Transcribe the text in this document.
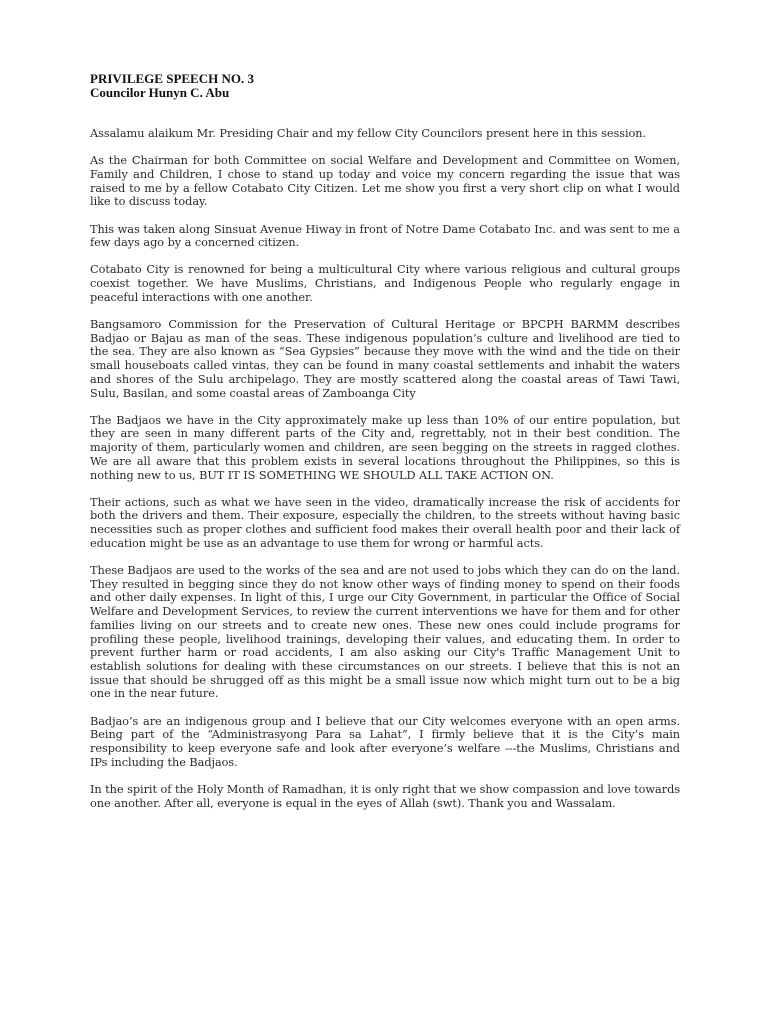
PRIVILEGE SPEECH NO. 3

Councilor Hunyn C. Abu

Assalamu alaikum Mr. Presiding Chair and my fellow City Councilors present here in this session.

As the Chairman for both Committee on social Welfare and Development and Committee on Women, Family and Children, I chose to stand up today and voice my concern regarding the issue that was raised to me by a fellow Cotabato City Citizen. Let me show you first a very short clip on what I would like to discuss today.

This was taken along Sinsuat Avenue Hiway in front of Notre Dame Cotabato Inc. and was sent to me a few days ago by a concerned citizen.

Cotabato City is renowned for being a multicultural City where various religious and cultural groups coexist together. We have Muslims, Christians, and Indigenous People who regularly engage in peaceful interactions with one another.

Bangsamoro Commission for the Preservation of Cultural Heritage or BPCPH BARMM describes Badjao or Bajau as man of the seas. These indigenous population’s culture and livelihood are tied to the sea. They are also known as “Sea Gypsies” because they move with the wind and the tide on their small houseboats called vintas, they can be found in many coastal settlements and inhabit the waters and shores of the Sulu archipelago. They are mostly scattered along the coastal areas of Tawi Tawi, Sulu, Basilan, and some coastal areas of Zamboanga City

The Badjaos we have in the City approximately make up less than 10% of our entire population, but they are seen in many different parts of the City and, regrettably, not in their best condition. The majority of them, particularly women and children, are seen begging on the streets in ragged clothes. We are all aware that this problem exists in several locations throughout the Philippines, so this is nothing new to us, BUT IT IS SOMETHING WE SHOULD ALL TAKE ACTION ON.

Their actions, such as what we have seen in the video, dramatically increase the risk of accidents for both the drivers and them. Their exposure, especially the children, to the streets without having basic necessities such as proper clothes and sufficient food makes their overall health poor and their lack of education might be use as an advantage to use them for wrong or harmful acts.

These Badjaos are used to the works of the sea and are not used to jobs which they can do on the land. They resulted in begging since they do not know other ways of finding money to spend on their foods and other daily expenses. In light of this, I urge our City Government, in particular the Office of Social Welfare and Development Services, to review the current interventions we have for them and for other families living on our streets and to create new ones. These new ones could include programs for profiling these people, livelihood trainings, developing their values, and educating them. In order to prevent further harm or road accidents, I am also asking our City's Traffic Management Unit to establish solutions for dealing with these circumstances on our streets. I believe that this is not an issue that should be shrugged off as this might be a small issue now which might turn out to be a big one in the near future.

Badjao’s are an indigenous group and I believe that our City welcomes everyone with an open arms. Being part of the “Administrasyong Para sa Lahat”, I firmly believe that it is the City’s main responsibility to keep everyone safe and look after everyone’s welfare ---the Muslims, Christians and IPs including the Badjaos.

In the spirit of the Holy Month of Ramadhan, it is only right that we show compassion and love towards one another. After all, everyone is equal in the eyes of Allah (swt). Thank you and Wassalam.
